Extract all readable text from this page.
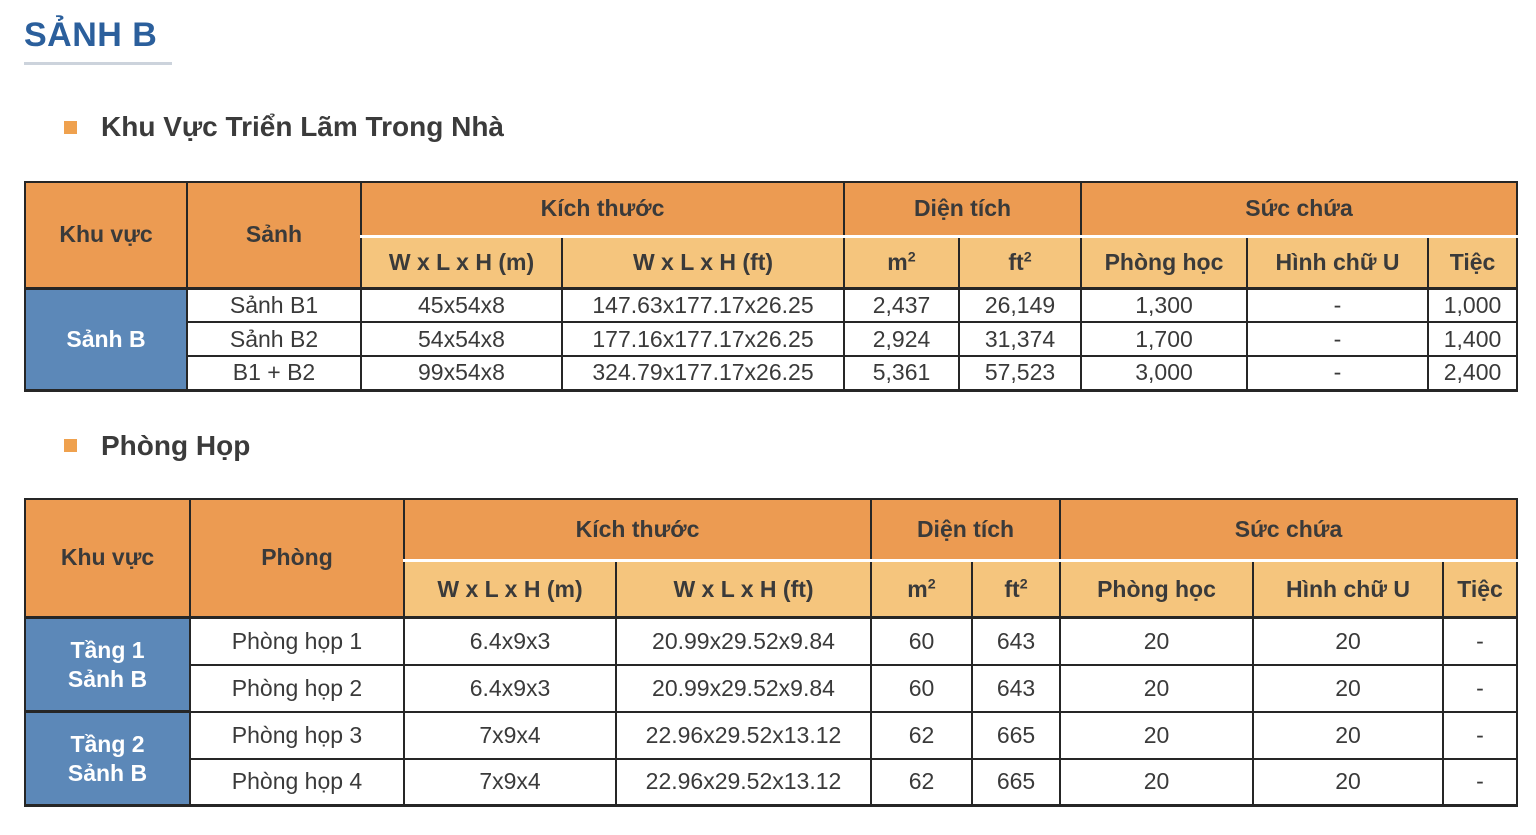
SẢNH B
Khu Vực Triển Lãm Trong Nhà
Khu vực	Sảnh	Kích thước		Diện tích		Sức chứa		
		W x L x H (m)	W x L x H (ft)	$m^2$	$ft^2$	Phòng học	Hình chữ U	Tiệc
Sảnh B	Sảnh B1	45x54x8	147.63x177.17x26.25	2,437	26,149	1,300	-	1,000
	Sảnh B2	54x54x8	177.16x177.17x26.25	2,924	31,374	1,700	-	1,400
	B1 + B2	99x54x8	324.79x177.17x26.25	5,361	57,523	3,000	-	2,400
Phòng Họp
Khu vực	Phòng	Kích thước		Diện tích		Sức chứa		
		W x L x H (m)	W x L x H (ft)	$m^2$	$ft^2$	Phòng học	Hình chữ U	Tiệc

Tầng 1
Sảnh B	Phòng họp 1	6.4x9x3	20.99x29.52x9.84	60	643	20	20	-
	Phòng họp 2	6.4x9x3	20.99x29.52x9.84	60	643	20	20	-

Tầng 2
Sảnh B	Phòng họp 3	7x9x4	22.96x29.52x13.12	62	665	20	20	-
	Phòng họp 4	7x9x4	22.96x29.52x13.12	62	665	20	20	-
